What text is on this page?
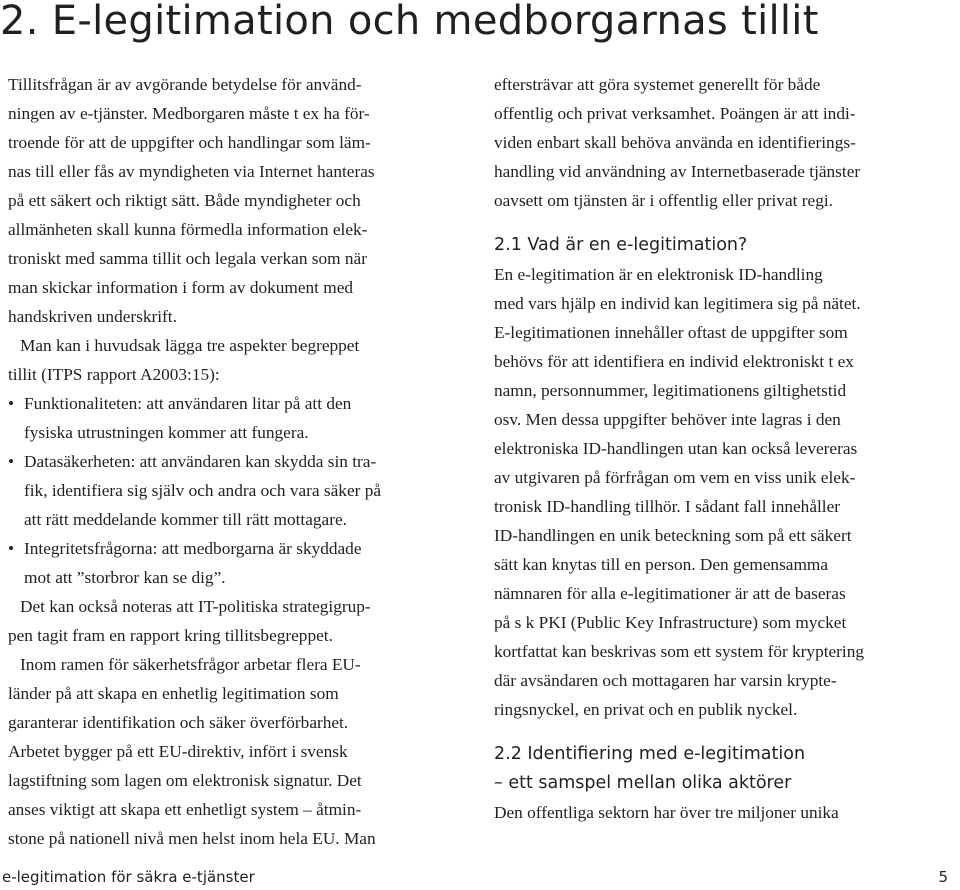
2. E-legitimation och medborgarnas tillit
Tillitsfrågan är av avgörande betydelse för använd-
ningen av e-tjänster. Medborgaren måste t ex ha för-
troende för att de uppgifter och handlingar som läm-
nas till eller fås av myndigheten via Internet hanteras
på ett säkert och riktigt sätt. Både myndigheter och
allmänheten skall kunna förmedla information elek-
troniskt med samma tillit och legala verkan som när
man skickar information i form av dokument med
handskriven underskrift.
Man kan i huvudsak lägga tre aspekter begreppet
tillit (ITPS rapport A2003:15):
• Funktionaliteten: att användaren litar på att den
fysiska utrustningen kommer att fungera.
• Datasäkerheten: att användaren kan skydda sin tra-
fik, identifiera sig själv och andra och vara säker på
att rätt meddelande kommer till rätt mottagare.
• Integritetsfrågorna: att medborgarna är skyddade
mot att ”storbror kan se dig”.
Det kan också noteras att IT-politiska strategigrup-
pen tagit fram en rapport kring tillitsbegreppet.
Inom ramen för säkerhetsfrågor arbetar flera EU-
länder på att skapa en enhetlig legitimation som
garanterar identifikation och säker överförbarhet.
Arbetet bygger på ett EU-direktiv, infört i svensk
lagstiftning som lagen om elektronisk signatur. Det
anses viktigt att skapa ett enhetligt system – åtmin-
stone på nationell nivå men helst inom hela EU. Man
eftersträvar att göra systemet generellt för både
offentlig och privat verksamhet. Poängen är att indi-
viden enbart skall behöva använda en identifierings-
handling vid användning av Internetbaserade tjänster
oavsett om tjänsten är i offentlig eller privat regi.
2.1 Vad är en e-legitimation?
En e-legitimation är en elektronisk ID-handling
med vars hjälp en individ kan legitimera sig på nätet.
E-legitimationen innehåller oftast de uppgifter som
behövs för att identifiera en individ elektroniskt t ex
namn, personnummer, legitimationens giltighetstid
osv. Men dessa uppgifter behöver inte lagras i den
elektroniska ID-handlingen utan kan också levereras
av utgivaren på förfrågan om vem en viss unik elek-
tronisk ID-handling tillhör. I sådant fall innehåller
ID-handlingen en unik beteckning som på ett säkert
sätt kan knytas till en person. Den gemensamma
nämnaren för alla e-legitimationer är att de baseras
på s k PKI (Public Key Infrastructure) som mycket
kortfattat kan beskrivas som ett system för kryptering
där avsändaren och mottagaren har varsin krypte-
ringsnyckel, en privat och en publik nyckel.
2.2 Identifiering med e-legitimation
– ett samspel mellan olika aktörer
Den offentliga sektorn har över tre miljoner unika
e-legitimation för säkra e-tjänster	5
